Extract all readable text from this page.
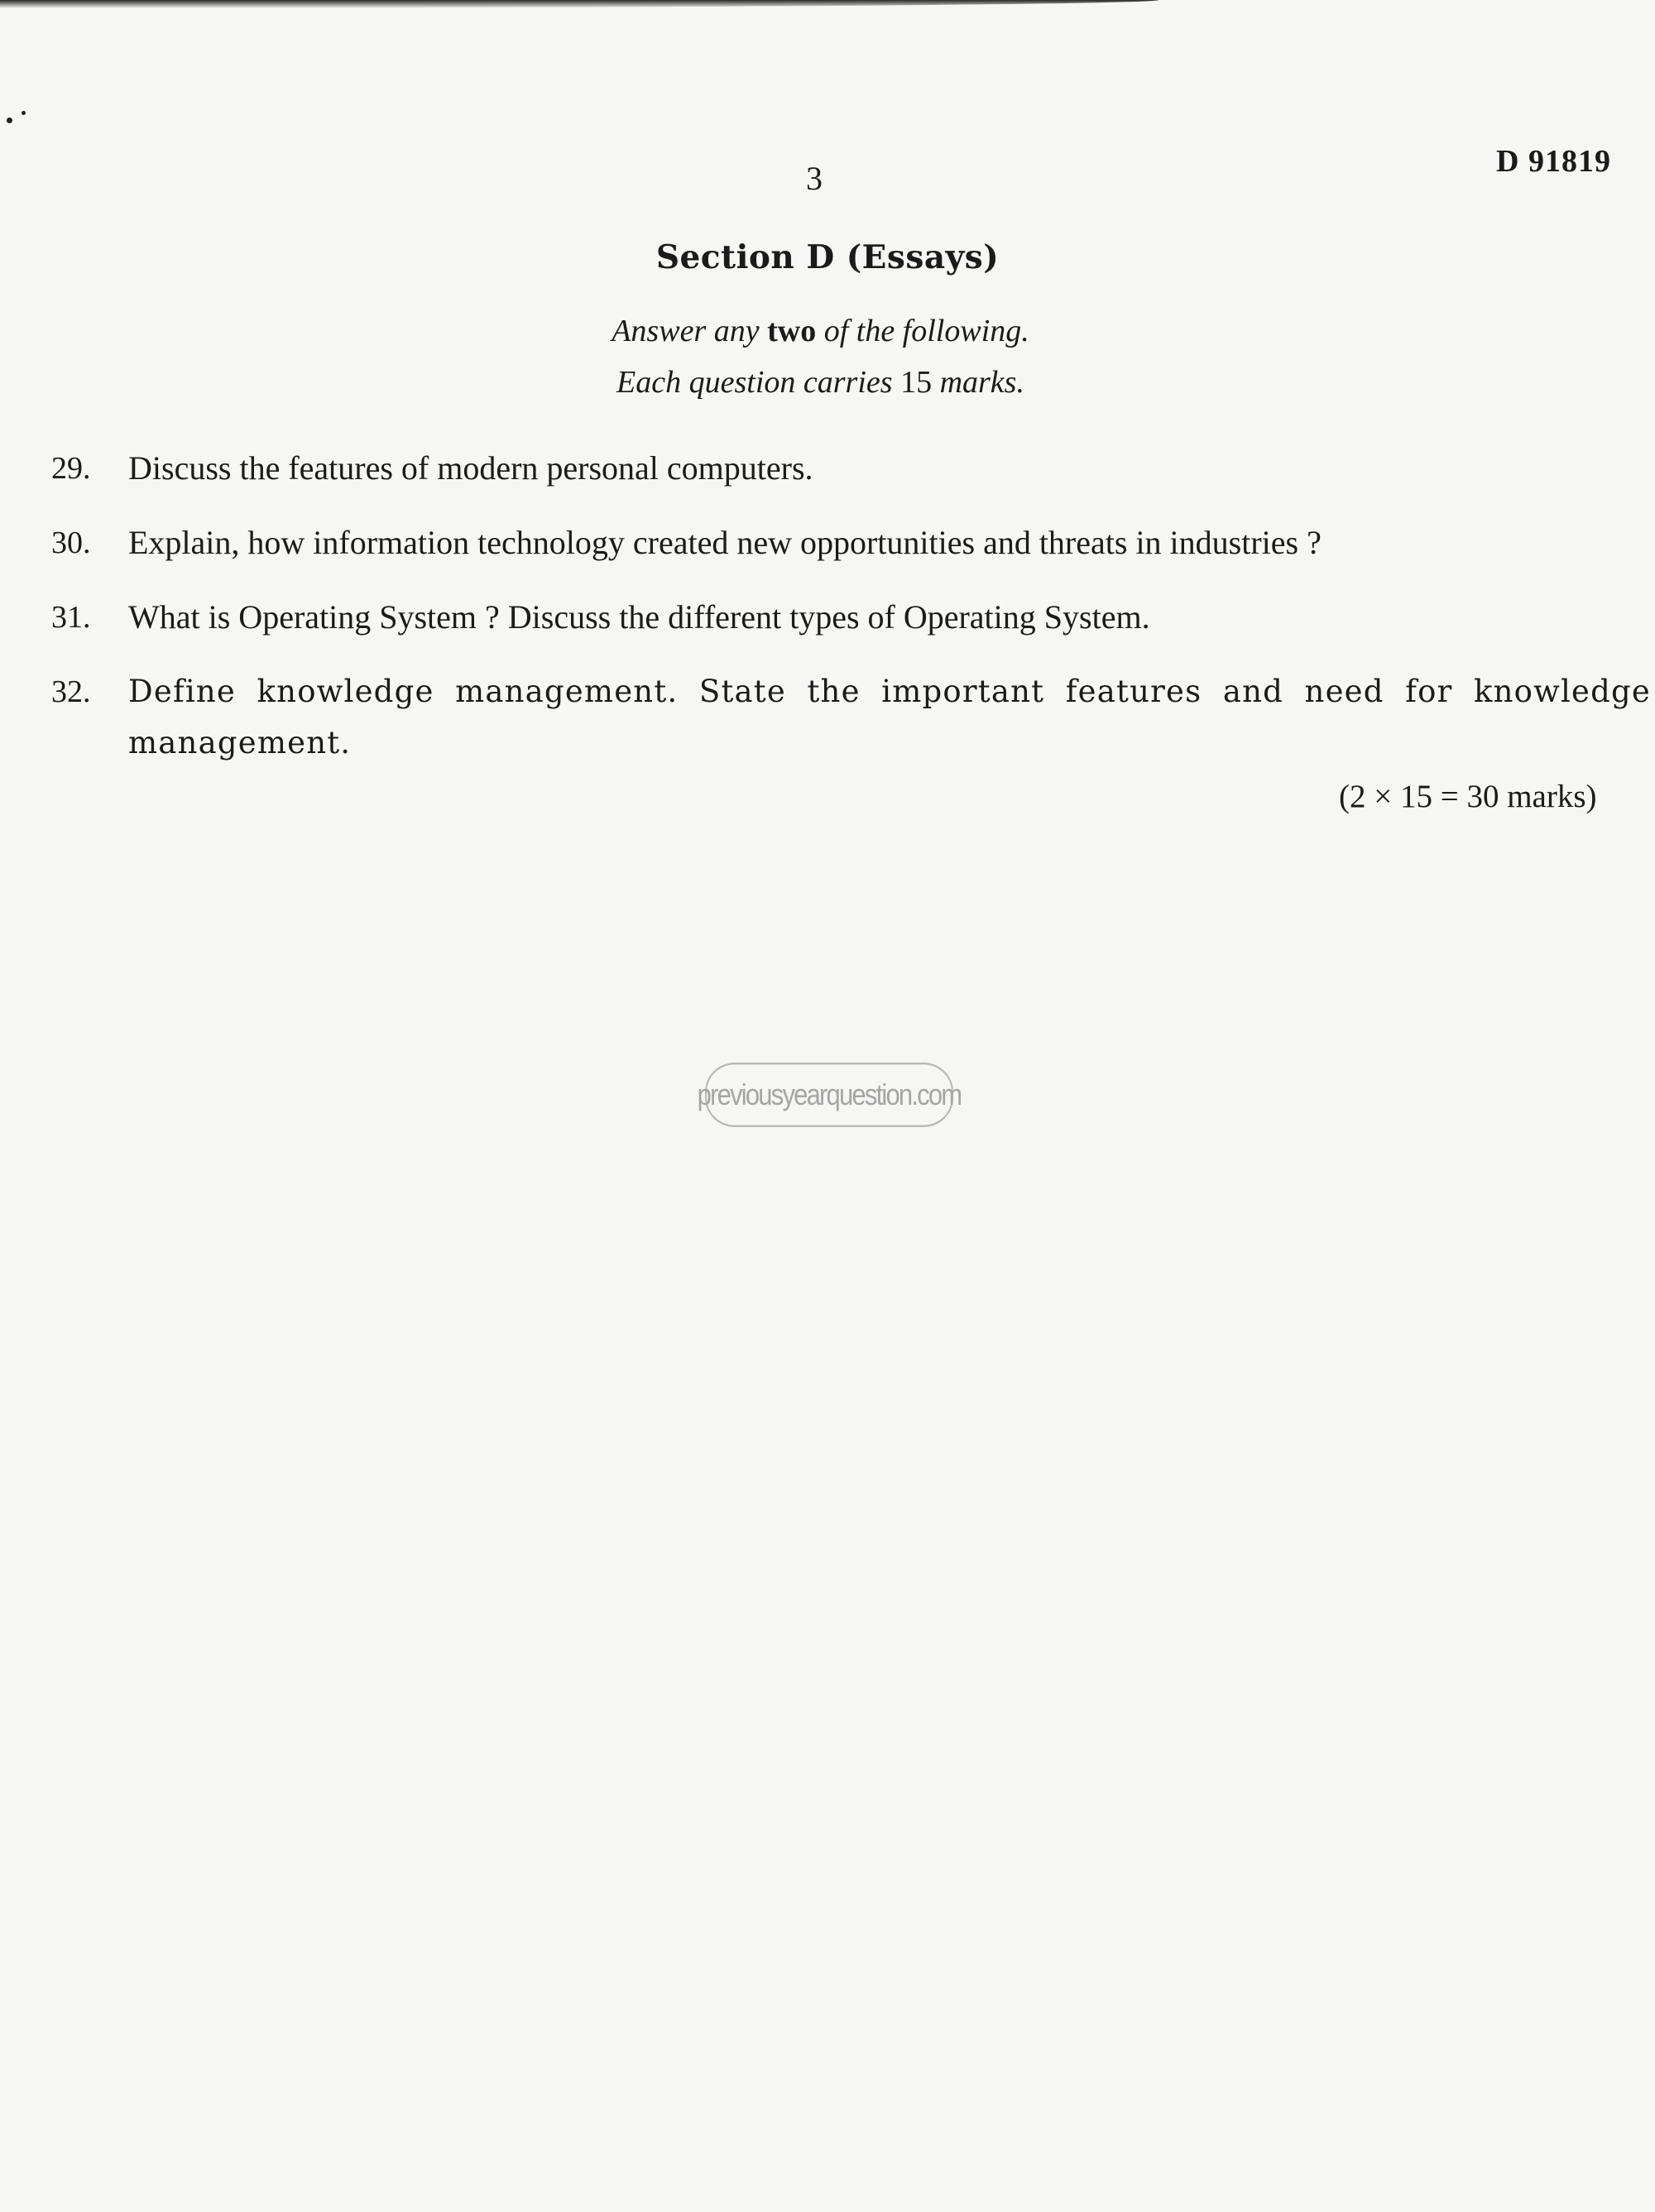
3	D 91819
Section D (Essays)
Answer any two of the following.
Each question carries 15 marks.
29. Discuss the features of modern personal computers.
30. Explain, how information technology created new opportunities and threats in industries ?
31. What is Operating System ? Discuss the different types of Operating System.
32. Define knowledge management. State the important features and need for knowledge management.
(2 × 15 = 30 marks)
previousyearquestion.com
